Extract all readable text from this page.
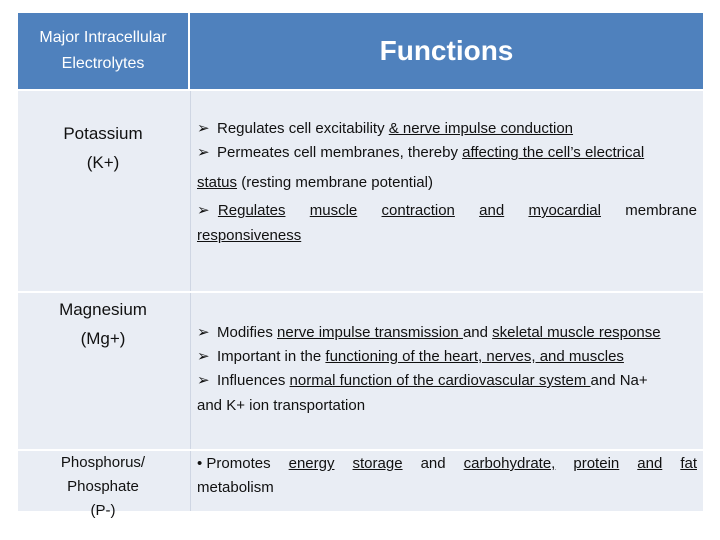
Major Intracellular Electrolytes	Functions
Potassium
(K+)
➢ Regulates cell excitability & nerve impulse conduction
➢ Permeates cell membranes, thereby affecting the cell’s electrical
status (resting membrane potential)
➢ Regulates muscle contraction and myocardial membrane
responsiveness
Magnesium
(Mg+)	➢ Modifies nerve impulse transmission and skeletal muscle response
➢ Important in the functioning of the heart, nerves, and muscles
➢ Influences normal function of the cardiovascular system and Na+
and K+ ion transportation
Phosphorus/
Phosphate
(P-)
• Promotes energy storage and carbohydrate, protein and fat
metabolism
